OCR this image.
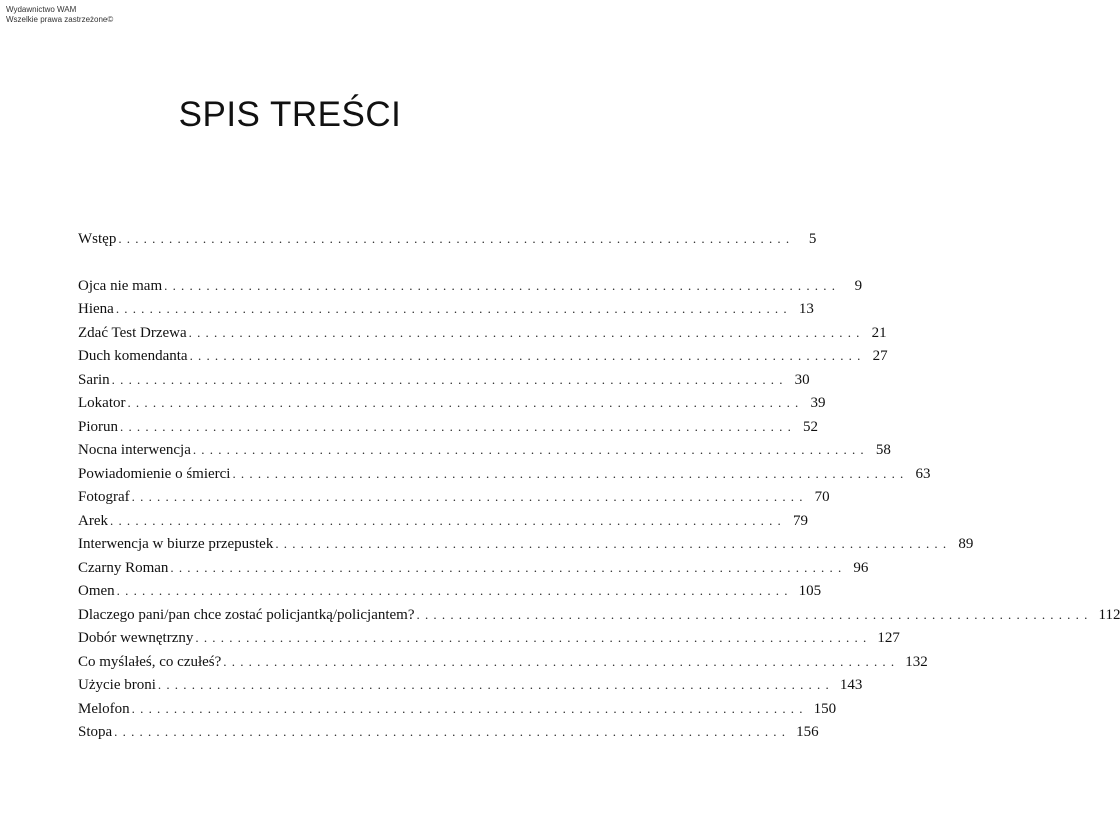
Wydawnictwo WAM
Wszelkie prawa zastrzeżone©
SPIS TREŚCI
Wstęp ................................................................................ 5
Ojca nie mam ................................................................................ 9
Hiena ................................................................................ 13
Zdać Test Drzewa ................................................................................ 21
Duch komendanta ................................................................................ 27
Sarin ................................................................................ 30
Lokator ................................................................................ 39
Piorun ................................................................................ 52
Nocna interwencja ................................................................................ 58
Powiadomienie o śmierci ................................................................................ 63
Fotograf ................................................................................ 70
Arek ................................................................................ 79
Interwencja w biurze przepustek ................................................................................ 89
Czarny Roman ................................................................................ 96
Omen ................................................................................ 105
Dlaczego pani/pan chce zostać policjantką/policjantem? ................................................................................ 112
Dobór wewnętrzny ................................................................................ 127
Co myślałeś, co czułeś? ................................................................................ 132
Użycie broni ................................................................................ 143
Melofon ................................................................................ 150
Stopa ................................................................................ 156
